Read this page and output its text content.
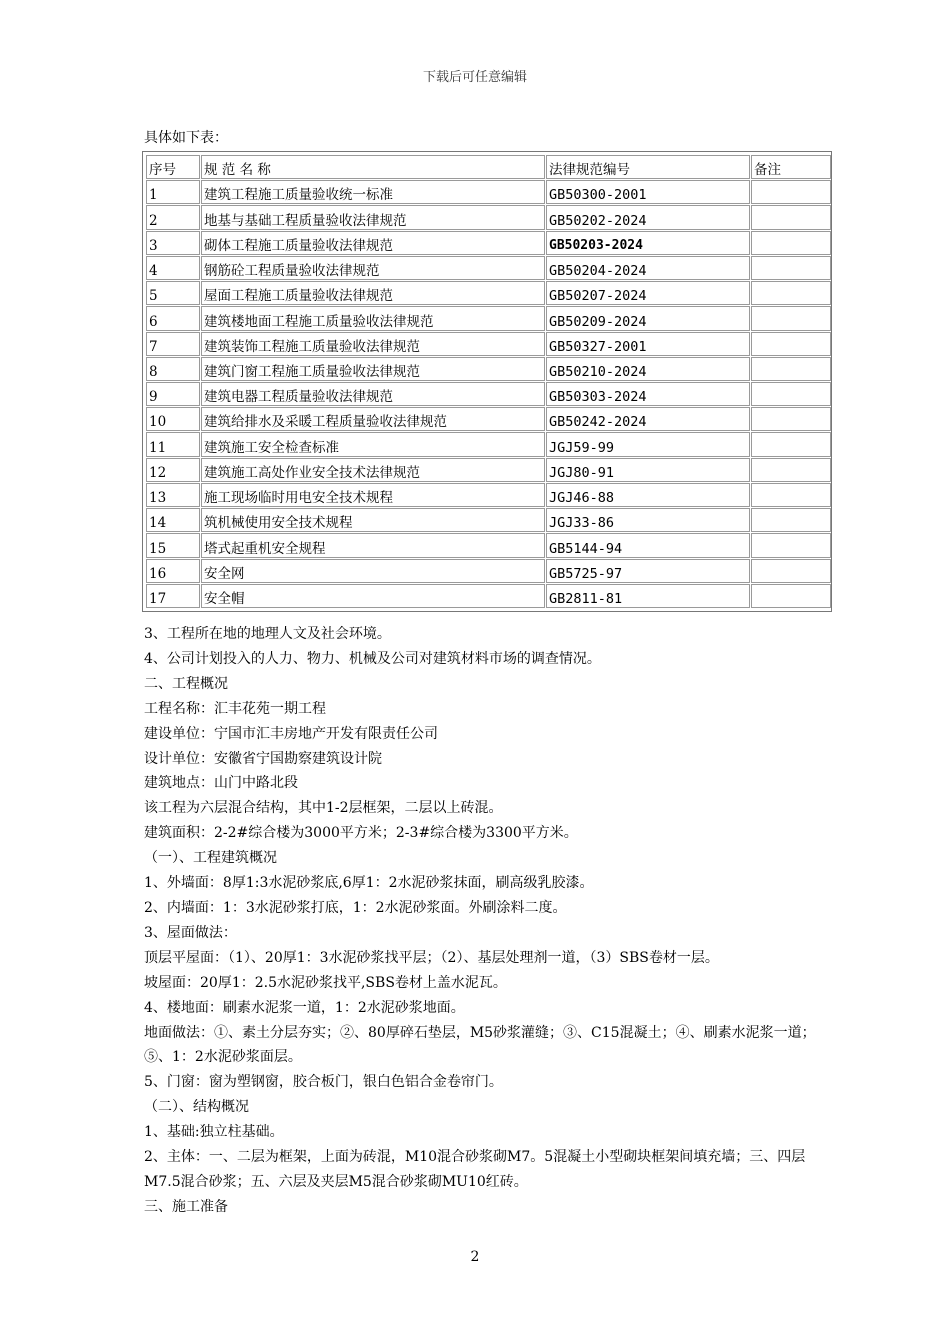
下载后可任意编辑
具体如下表：
序号	规 范 名 称	法律规范编号	备注
1	建筑工程施工质量验收统一标准	GB50300-2001	
2	地基与基础工程质量验收法律规范	GB50202-2024	
3	砌体工程施工质量验收法律规范	GB50203-2024	
4	钢筋砼工程质量验收法律规范	GB50204-2024	
5	屋面工程施工质量验收法律规范	GB50207-2024	
6	建筑楼地面工程施工质量验收法律规范	GB50209-2024	
7	建筑装饰工程施工质量验收法律规范	GB50327-2001	
8	建筑门窗工程施工质量验收法律规范	GB50210-2024	
9	建筑电器工程质量验收法律规范	GB50303-2024	
10	建筑给排水及采暖工程质量验收法律规范	GB50242-2024	
11	建筑施工安全检查标准	JGJ59-99	
12	建筑施工高处作业安全技术法律规范	JGJ80-91	
13	施工现场临时用电安全技术规程	JGJ46-88	
14	筑机械使用安全技术规程	JGJ33-86	
15	塔式起重机安全规程	GB5144-94	
16	安全网	GB5725-97	
17	安全帽	GB2811-81	

3、工程所在地的地理人文及社会环境。

4、公司计划投入的人力、物力、机械及公司对建筑材料市场的调查情况。

二、工程概况

工程名称：汇丰花苑一期工程

建设单位：宁国市汇丰房地产开发有限责任公司

设计单位：安徽省宁国勘察建筑设计院

建筑地点：山门中路北段

该工程为六层混合结构，其中1-2层框架，二层以上砖混。

建筑面积：2-2#综合楼为3000平方米；2-3#综合楼为3300平方米。

（一）、工程建筑概况

1、外墙面：8厚1:3水泥砂浆底,6厚1：2水泥砂浆抹面，刷高级乳胶漆。

2、内墙面：1：3水泥砂浆打底，1：2水泥砂浆面。外刷涂料二度。

3、屋面做法：

顶层平屋面：（1）、20厚1：3水泥砂浆找平层；（2）、基层处理剂一道，（3）SBS卷材一层。

坡屋面：20厚1：2.5水泥砂浆找平,SBS卷材上盖水泥瓦。

4、楼地面：刷素水泥浆一道，1：2水泥砂浆地面。

地面做法：①、素土分层夯实；②、80厚碎石垫层，M5砂浆灌缝；③、C15混凝土；④、刷素水泥浆一道；

⑤、1：2水泥砂浆面层。

5、门窗：窗为塑钢窗，胶合板门，银白色铝合金卷帘门。

（二）、结构概况

1、基础:独立柱基础。

2、主体：一、二层为框架，上面为砖混，M10混合砂浆砌M7。5混凝土小型砌块框架间填充墙；三、四层

M7.5混合砂浆；五、六层及夹层M5混合砂浆砌MU10红砖。

三、施工准备

2
